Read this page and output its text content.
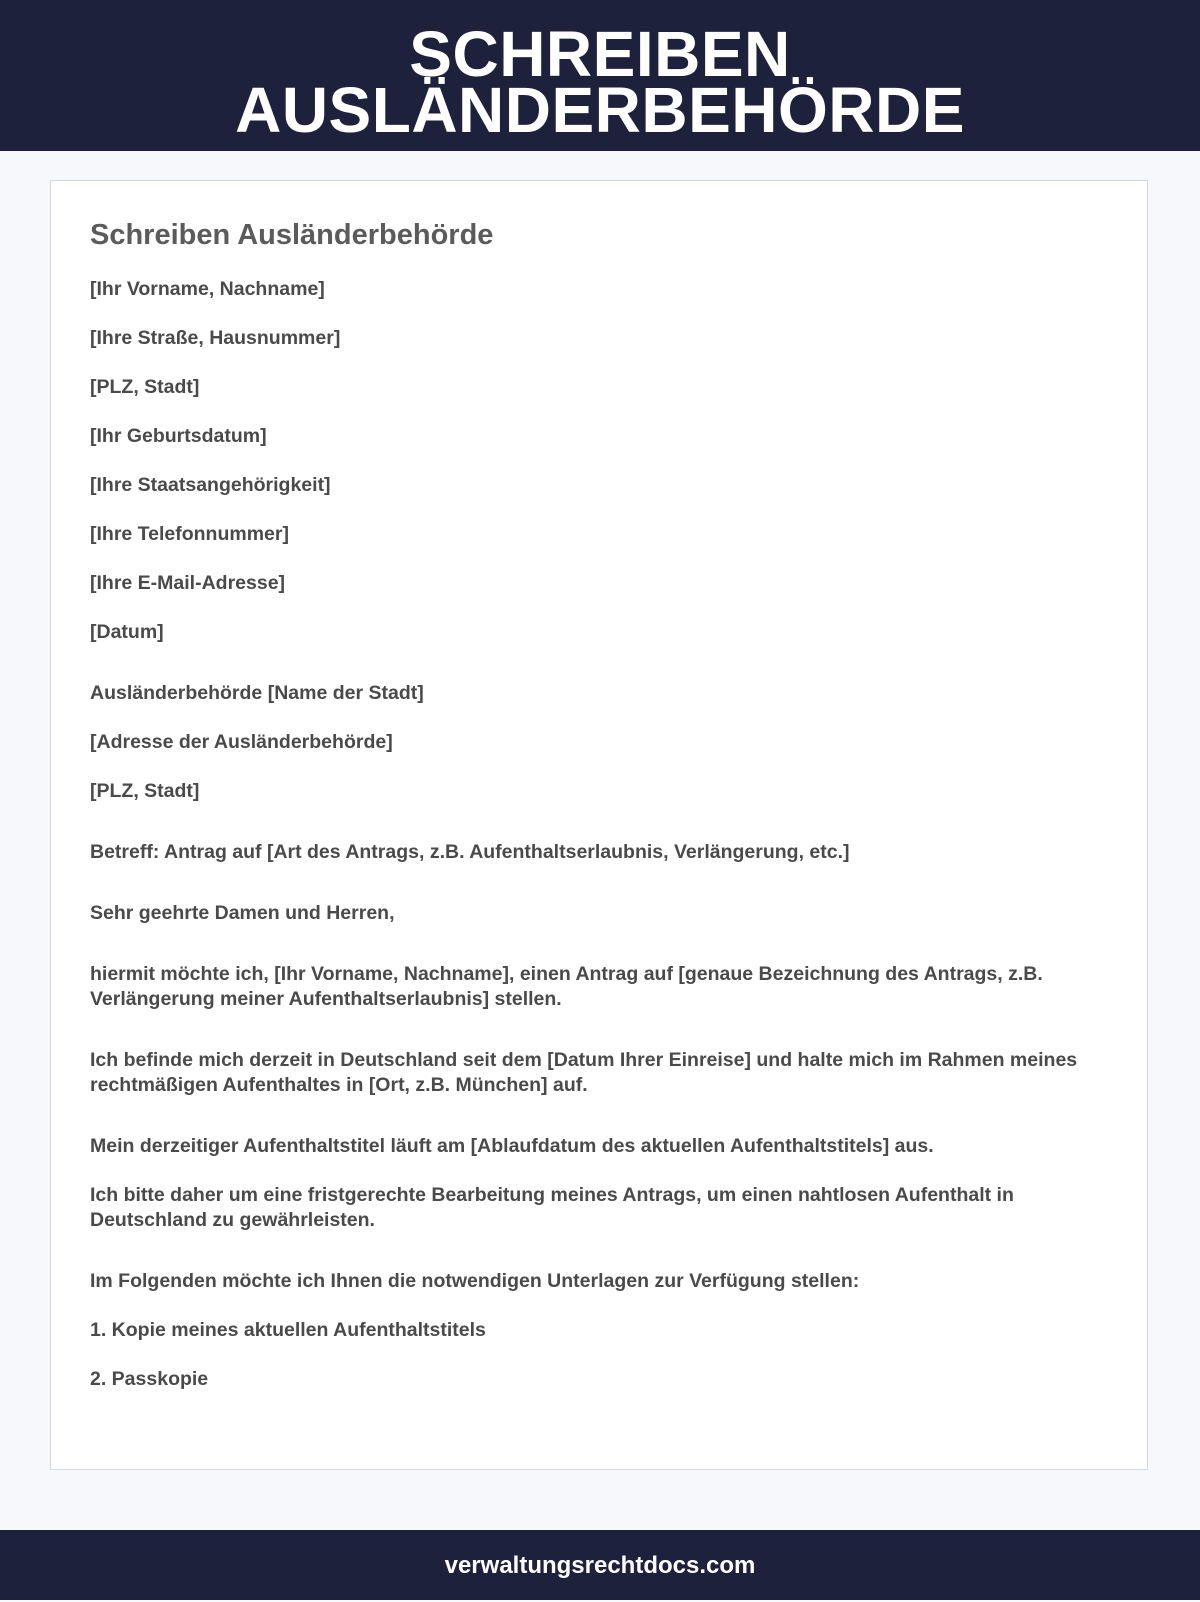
SCHREIBEN
AUSLÄNDERBEHÖRDE
Schreiben Ausländerbehörde

[Ihr Vorname, Nachname]

[Ihre Straße, Hausnummer]

[PLZ, Stadt]

[Ihr Geburtsdatum]

[Ihre Staatsangehörigkeit]

[Ihre Telefonnummer]

[Ihre E-Mail-Adresse]

[Datum]

Ausländerbehörde [Name der Stadt]

[Adresse der Ausländerbehörde]

[PLZ, Stadt]

Betreff: Antrag auf [Art des Antrags, z.B. Aufenthaltserlaubnis, Verlängerung, etc.]

Sehr geehrte Damen und Herren,

hiermit möchte ich, [Ihr Vorname, Nachname], einen Antrag auf [genaue Bezeichnung des Antrags, z.B. Verlängerung meiner Aufenthaltserlaubnis] stellen.

Ich befinde mich derzeit in Deutschland seit dem [Datum Ihrer Einreise] und halte mich im Rahmen meines rechtmäßigen Aufenthaltes in [Ort, z.B. München] auf.

Mein derzeitiger Aufenthaltstitel läuft am [Ablaufdatum des aktuellen Aufenthaltstitels] aus.

Ich bitte daher um eine fristgerechte Bearbeitung meines Antrags, um einen nahtlosen Aufenthalt in Deutschland zu gewährleisten.

Im Folgenden möchte ich Ihnen die notwendigen Unterlagen zur Verfügung stellen:

1. Kopie meines aktuellen Aufenthaltstitels

2. Passkopie

verwaltungsrechtdocs.com
